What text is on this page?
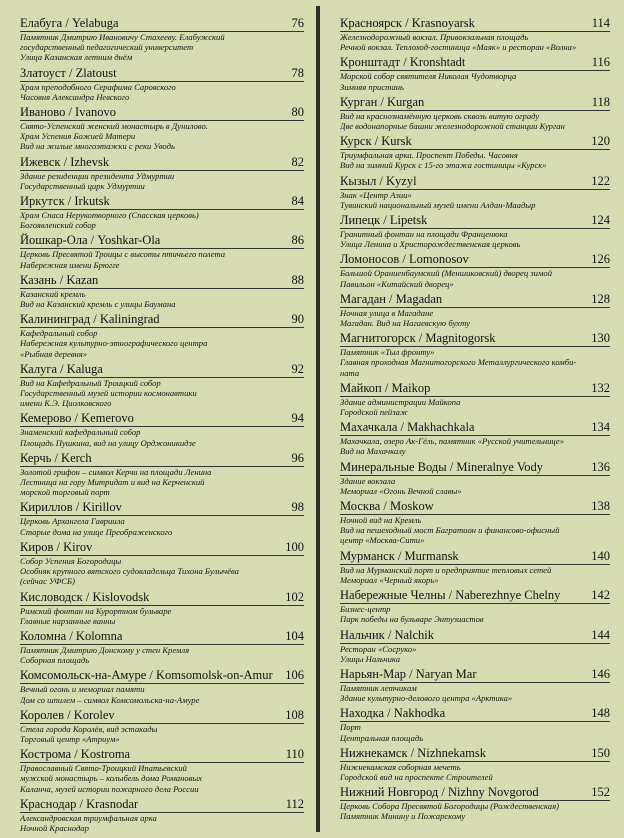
Елабуга / Yelabuga	76
Памятник Дмитрию Ивановичу Стахееву. Елабужский
государственный педагогический университет
Улица Казанская летним днём
Златоуст / Zlatoust	78
Храм преподобного Серафима Саровского
Часовня Александра Невского
Иваново / Ivanovo	80
Свято-Успенский женский монастырь в Дуниловo.
Храм Успения Божией Матери
Вид на жилые многоэтажки с реки Уводь
Ижевск / Izhevsk	82
Здание резиденции президента Удмуртии
Государственный цирк Удмуртии
Иркутск / Irkutsk	84
Храм Спаса Нерукотворного (Спасская церковь)
Богоявленский собор
Йошкар-Ола / Yoshkar-Ola	86
Церковь Пресвятой Троицы с высоты птичьего полета
Набережная имени Брюгге
Казань / Kazan	88
Казанский кремль
Вид на Казанский кремль с улицы Баумана
Калининград / Kaliningrad	90
Кафедральный собор
Набережная культурно-этнографического центра
«Рыбная деревня»
Калуга / Kaluga	92
Вид на Кафедральный Троицкий собор
Государственный музей истории космонавтики
имени К.Э. Циолковского
Кемерово / Kemerovo	94
Знаменский кафедральный собор
Площадь Пушкина, вид на улицу Орджоникидзе
Керчь / Kerch	96
Золотой грифон – символ Керчи на площади Ленина
Лестница на гору Митридат и вид на Керченский
морской торговый порт
Кириллов / Kirillov	98
Церковь Архангела Гавриила
Старые дома на улице Преображенского
Киров / Kirov	100
Собор Успения Богородицы
Особняк крупного вятского судовладельца Тихона Булычёва
(сейчас УФСБ)
Кисловодск / Kislovodsk	102
Римский фонтан на Курортном бульваре
Главные нарзанные ванны
Коломна / Kolomna	104
Памятник Дмитрию Донскому у стен Кремля
Соборная площадь
Комсомольск-на-Амуре / Komsomolsk-on-Amur	106
Вечный огонь и мемориал памяти
Дом со шпилем – символ Комсомольска-на-Амуре
Королев / Korolev	108
Стела города Королёв, вид эстакады
Торговый центр «Атриум»
Кострома / Kostroma	110
Православный Свято-Троицкий Ипатьевский
мужской монастырь – колыбель дома Романовых
Каланча, музей истории пожарного дела России
Краснодар / Krasnodar	112
Александровская триумфальная арка
Ночной Краснодар
Красноярск / Krasnoyarsk	114
Железнодорожный вокзал. Привокзальная площадь
Речной вокзал. Теплоход-гостиница «Маяк» и ресторан «Волна»
Кронштадт / Kronshtadt	116
Морской собор святителя Николая Чудотворца
Зимняя пристань
Курган / Kurgan	118
Вид на краснознамённую церковь сквозь витую ограду
Две водонапорные башни железнодорожной станции Курган
Курск / Kursk	120
Триумфальная арка. Проспект Победы. Часовня
Вид на зимний Курск с 15-го этажа гостиницы «Курск»
Кызыл / Kyzyl	122
Знак «Центр Азии»
Тувинский национальный музей имени Алдан-Маадыр
Липецк / Lipetsk	124
Гранитный фонтан на площади Франценюка
Улица Ленина и Христорождественская церковь
Ломоносов / Lomonosov	126
Большой Ораниенбаумский (Меншиковский) дворец зимой
Павильон «Китайский дворец»
Магадан / Magadan	128
Ночная улица в Магадане
Магадан. Вид на Нагаевскую бухту
Магнитогорск / Magnitogorsk	130
Памятник «Тыл фронту»
Главная проходная Магнитогорского Металлургического комби-
ната
Майкоп / Maikop	132
Здание администрации Майкопа
Городской пейзаж
Махачкала / Makhachkala	134
Махачкала, озеро Ак-Гёль, памятник «Русской учительнице»
Вид на Махачкалу
Минеральные Воды / Mineralnye Vody	136
Здание вокзала
Мемориал «Огонь Вечной славы»
Москва / Moskow	138
Ночной вид на Кремль
Вид на пешеходный мост Багратион и финансово-офисный
центр «Москва-Сити»
Мурманск / Murmansk	140
Вид на Мурманский порт и предприятие тепловых сетей
Мемориал «Черный якорь»
Набережные Челны / Naberezhnye Chelny	142
Бизнес-центр
Парк победы на бульваре Энтузиастов
Нальчик / Nalchik	144
Ресторан «Сосруко»
Улицы Нальчика
Нарьян-Мар / Naryan Mar	146
Памятник летчикам
Здание культурно-делового центра «Арктика»
Находка / Nakhodka	148
Порт
Центральная площадь
Нижнекамск / Nizhnekamsk	150
Нижнекамская соборная мечеть
Городской вид на проспекте Строителей
Нижний Новгород / Nizhny Novgorod	152
Церковь Собора Пресвятой Богородицы (Рождественская)
Памятник Минину и Пожарскому
